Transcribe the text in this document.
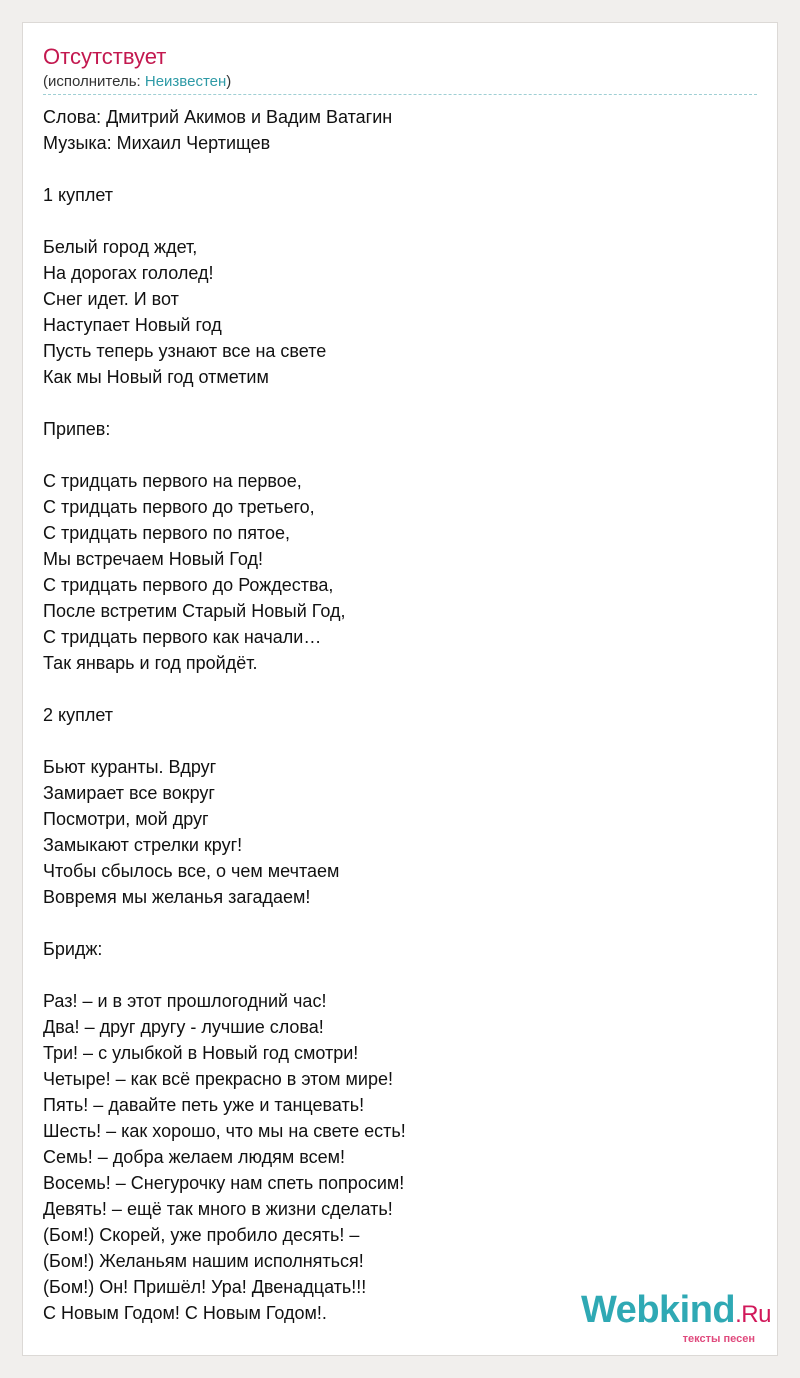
Отсутствует
(исполнитель: Неизвестен)
Слова: Дмитрий Акимов и Вадим Ватагин
Музыка: Михаил Чертищев
1 куплет
Белый город ждет,
На дорогах гололед!
Снег идет. И вот
Наступает Новый год
Пусть теперь узнают все на свете
Как мы Новый год отметим
Припев:
С тридцать первого на первое,
С тридцать первого до третьего,
С тридцать первого по пятое,
Мы встречаем Новый Год!
С тридцать первого до Рождества,
После встретим Старый Новый Год,
С тридцать первого как начали…
Так январь и год пройдёт.
2 куплет
Бьют куранты. Вдруг
Замирает все вокруг
Посмотри, мой друг
Замыкают стрелки круг!
Чтобы сбылось все, о чем мечтаем
Вовремя мы желанья загадаем!
Бридж:
Раз! – и в этот прошлогодний час!
Два! – друг другу - лучшие слова!
Три! – с улыбкой в Новый год смотри!
Четыре! – как всё прекрасно в этом мире!
Пять! – давайте петь уже и танцевать!
Шесть! – как хорошо, что мы на свете есть!
Семь! – добра желаем людям всем!
Восемь! – Снегурочку нам спеть попросим!
Девять! – ещё так много в жизни сделать!
(Бом!) Скорей, уже пробило десять! –
(Бом!) Желаньям нашим исполняться!
(Бом!) Он! Пришёл! Ура! Двенадцать!!!
С Новым Годом! С Новым Годом!.	Webkind.Ru
тексты песен
